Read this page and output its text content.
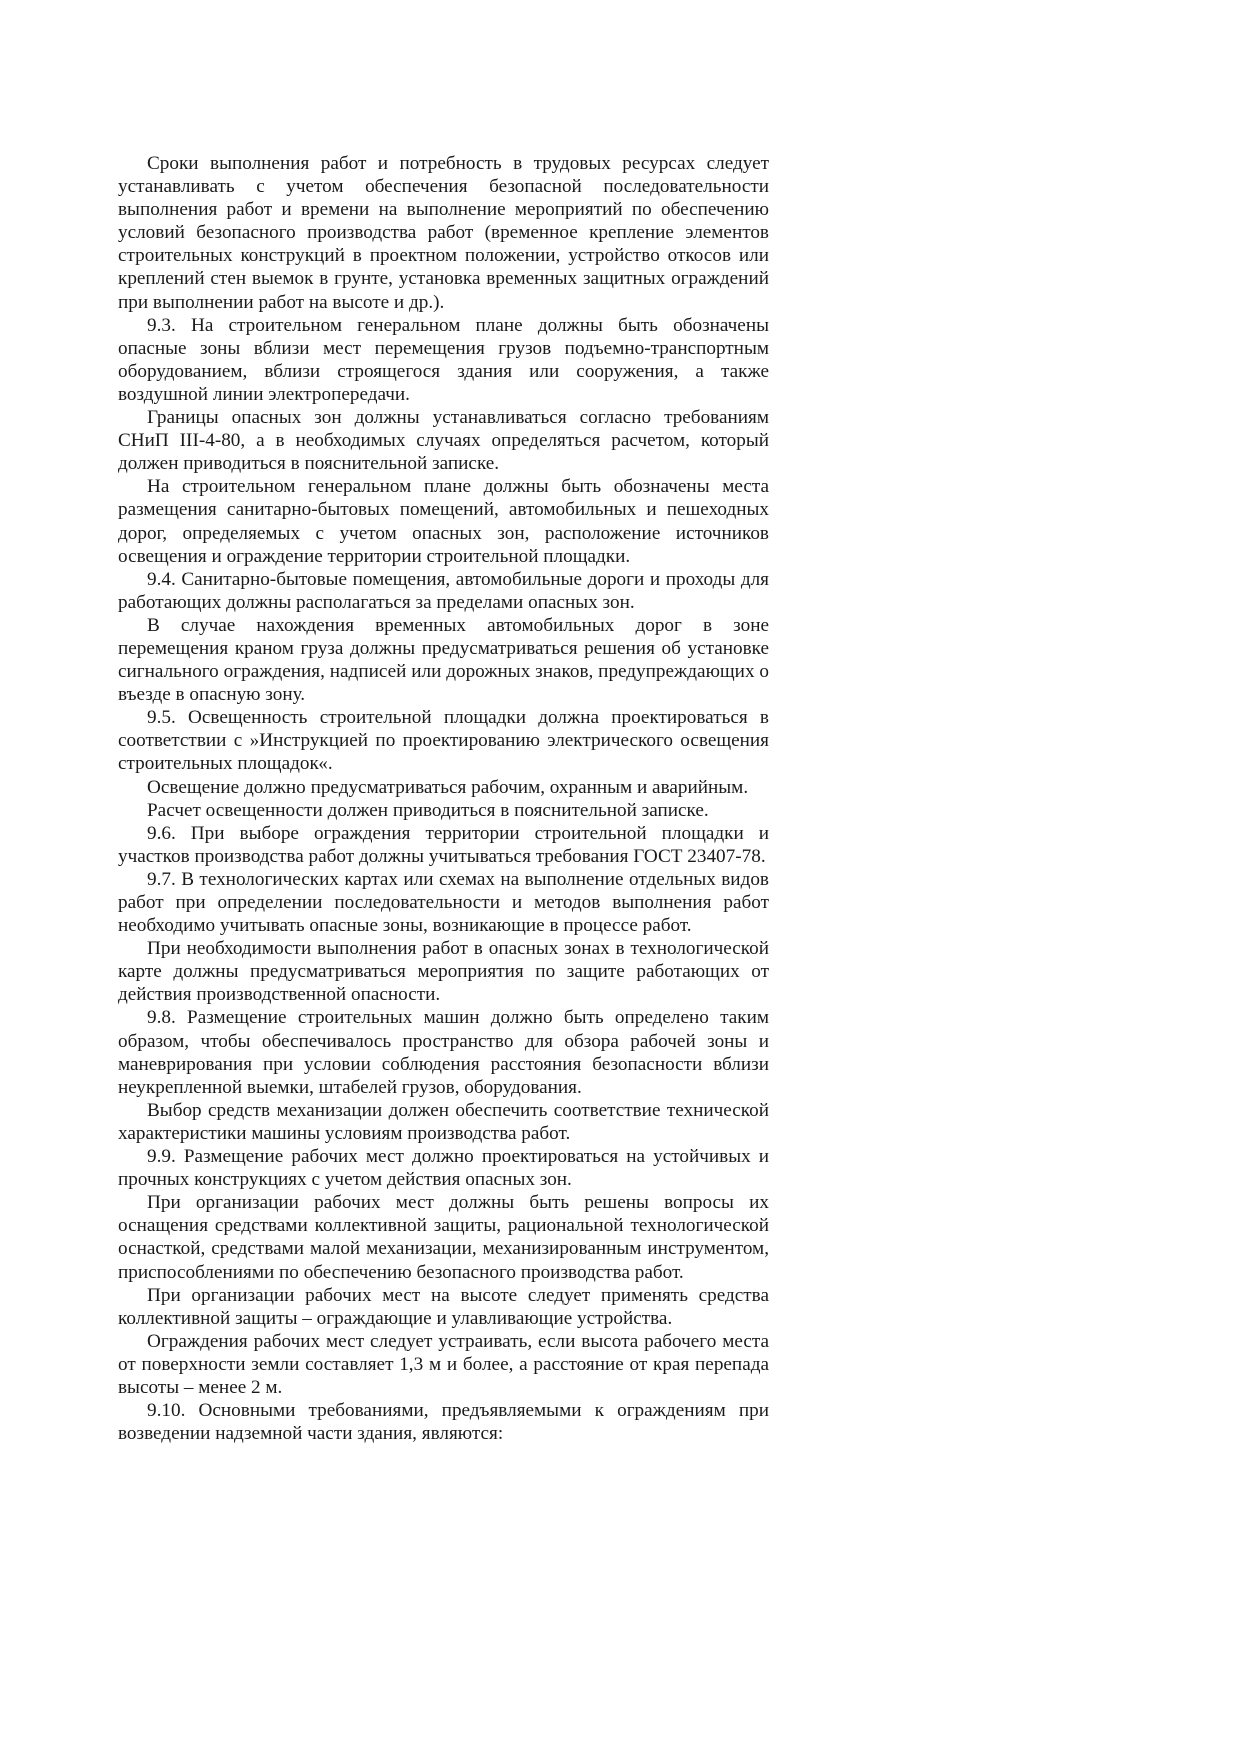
Сроки выполнения работ и потребность в трудовых ресурсах следует устанавливать с учетом обеспечения безопасной последовательности выполнения работ и времени на выполнение мероприятий по обеспечению условий безопасного производства работ (временное крепление элементов строительных конструкций в проектном положении, устройство откосов или креплений стен выемок в грунте, установка временных защитных ограждений при выполнении работ на высоте и др.).

9.3. На строительном генеральном плане должны быть обозначены опасные зоны вблизи мест перемещения грузов подъемно-транспортным оборудованием, вблизи строящегося здания или сооружения, а также воздушной линии электропередачи.

Границы опасных зон должны устанавливаться согласно требованиям СНиП III-4-80, а в необходимых случаях определяться расчетом, который должен приводиться в пояснительной записке.

На строительном генеральном плане должны быть обозначены места размещения санитарно-бытовых помещений, автомобильных и пешеходных дорог, определяемых с учетом опасных зон, расположение источников освещения и ограждение территории строительной площадки.

9.4. Санитарно-бытовые помещения, автомобильные дороги и проходы для работающих должны располагаться за пределами опасных зон.

В случае нахождения временных автомобильных дорог в зоне перемещения краном груза должны предусматриваться решения об установке сигнального ограждения, надписей или дорожных знаков, предупреждающих о въезде в опасную зону.

9.5. Освещенность строительной площадки должна проектироваться в соответствии с »Инструкцией по проектированию электрического освещения строительных площадок«.

Освещение должно предусматриваться рабочим, охранным и аварийным.

Расчет освещенности должен приводиться в пояснительной записке.

9.6. При выборе ограждения территории строительной площадки и участков производства работ должны учитываться требования ГОСТ 23407-78.

9.7. В технологических картах или схемах на выполнение отдельных видов работ при определении последовательности и методов выполнения работ необходимо учитывать опасные зоны, возникающие в процессе работ.

При необходимости выполнения работ в опасных зонах в технологической карте должны предусматриваться мероприятия по защите работающих от действия производственной опасности.

9.8. Размещение строительных машин должно быть определено таким образом, чтобы обеспечивалось пространство для обзора рабочей зоны и маневрирования при условии соблюдения расстояния безопасности вблизи неукрепленной выемки, штабелей грузов, оборудования.

Выбор средств механизации должен обеспечить соответствие технической характеристики машины условиям производства работ.

9.9. Размещение рабочих мест должно проектироваться на устойчивых и прочных конструкциях с учетом действия опасных зон.

При организации рабочих мест должны быть решены вопросы их оснащения средствами коллективной защиты, рациональной технологической оснасткой, средствами малой механизации, механизированным инструментом, приспособлениями по обеспечению безопасного производства работ.

При организации рабочих мест на высоте следует применять средства коллективной защиты – ограждающие и улавливающие устройства.

Ограждения рабочих мест следует устраивать, если высота рабочего места от поверхности земли составляет 1,3 м и более, а расстояние от края перепада высоты – менее 2 м.

9.10. Основными требованиями, предъявляемыми к ограждениям при возведении надземной части здания, являются:
